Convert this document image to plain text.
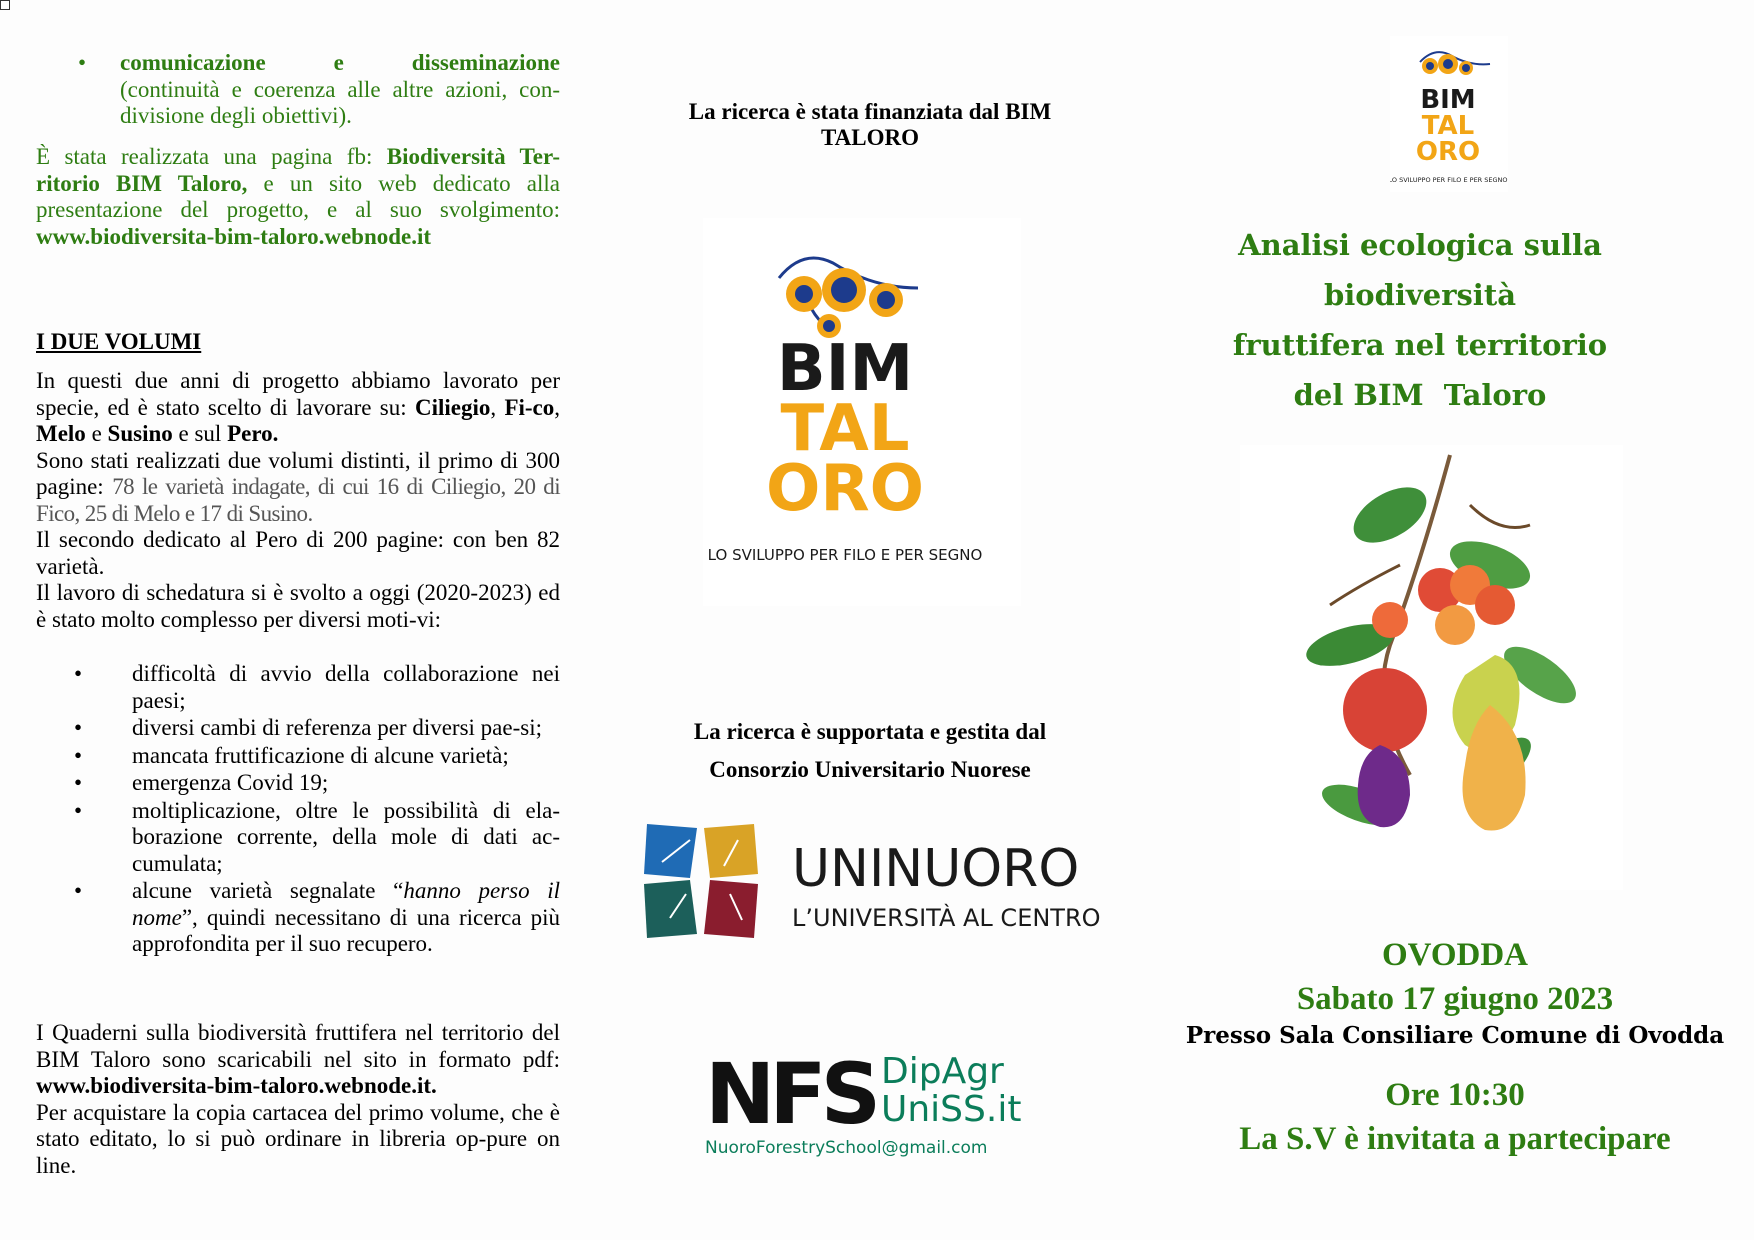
• comunicazione e disseminazione (continuità e coerenza alle altre azioni, con-divisione degli obiettivi).
È stata realizzata una pagina fb: Biodiversità Ter-ritorio BIM Taloro, e un sito web dedicato alla presentazione del progetto, e al suo svolgimento: www.biodiversita-bim-taloro.webnode.it
I DUE VOLUMI

In questi due anni di progetto abbiamo lavorato per specie, ed è stato scelto di lavorare su: Ciliegio, Fi-co, Melo e Susino e sul Pero.

Sono stati realizzati due volumi distinti, il primo di 300 pagine: 78 le varietà indagate, di cui 16 di Ciliegio, 20 di Fico, 25 di Melo e 17 di Susino.

Il secondo dedicato al Pero di 200 pagine: con ben 82 varietà.

Il lavoro di schedatura si è svolto a oggi (2020-2023) ed è stato molto complesso per diversi moti-vi:

• difficoltà di avvio della collaborazione nei paesi;
• diversi cambi di referenza per diversi pae-si;
• mancata fruttificazione di alcune varietà;
• emergenza Covid 19;
• moltiplicazione, oltre le possibilità di ela-borazione corrente, della mole di dati ac-cumulata;
• alcune varietà segnalate “hanno perso il nome”, quindi necessitano di una ricerca più approfondita per il suo recupero.

I Quaderni sulla biodiversità fruttifera nel territorio del BIM Taloro sono scaricabili nel sito in formato pdf: www.biodiversita-bim-taloro.webnode.it.

Per acquistare la copia cartacea del primo volume, che è stato editato, lo si può ordinare in libreria op-pure on line.

La ricerca è stata finanziata dal BIM TALORO
BIM
TAL
ORO
LO SVILUPPO PER FILO E PER SEGNO
La ricerca è supportata e gestita dal
Consorzio Universitario Nuorese
UNINUORO
L’UNIVERSITÀ AL CENTRO
NFS DipAgr
UniSS.it
NuoroForestrySchool@gmail.com
BIM
TAL
ORO
LO SVILUPPO PER FILO E PER SEGNO
Analisi ecologica sulla
biodiversità
fruttifera nel territorio
del BIM  Taloro
OVODDA
Sabato 17 giugno 2023
Presso Sala Consiliare Comune di Ovodda
Ore 10:30
La S.V è invitata a partecipare
